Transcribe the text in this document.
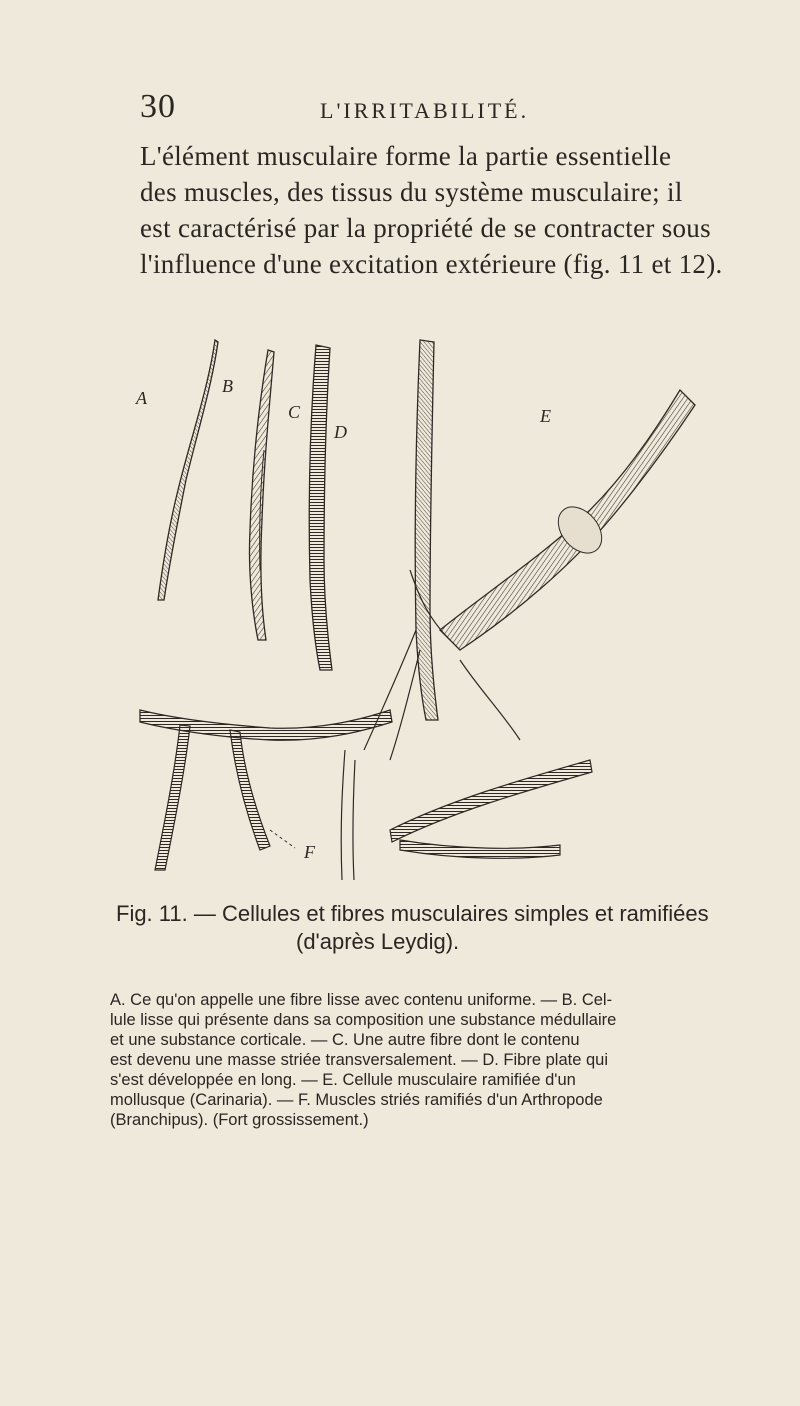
30	L'IRRITABILITÉ.
L'élément musculaire forme la partie essentielle
des muscles, des tissus du système musculaire; il
est caractérisé par la propriété de se contracter sous
l'influence d'une excitation extérieure (fig. 11 et 12).
A
B
C
D
E
F
Fig. 11. — Cellules et fibres musculaires simples et ramifiées
(d'après Leydig).
A. Ce qu'on appelle une fibre lisse avec contenu uniforme. — B. Cel-
lule lisse qui présente dans sa composition une substance médullaire
et une substance corticale. — C. Une autre fibre dont le contenu
est devenu une masse striée transversalement. — D. Fibre plate qui
s'est développée en long. — E. Cellule musculaire ramifiée d'un
mollusque (Carinaria). — F. Muscles striés ramifiés d'un Arthropode
(Branchipus). (Fort grossissement.)
